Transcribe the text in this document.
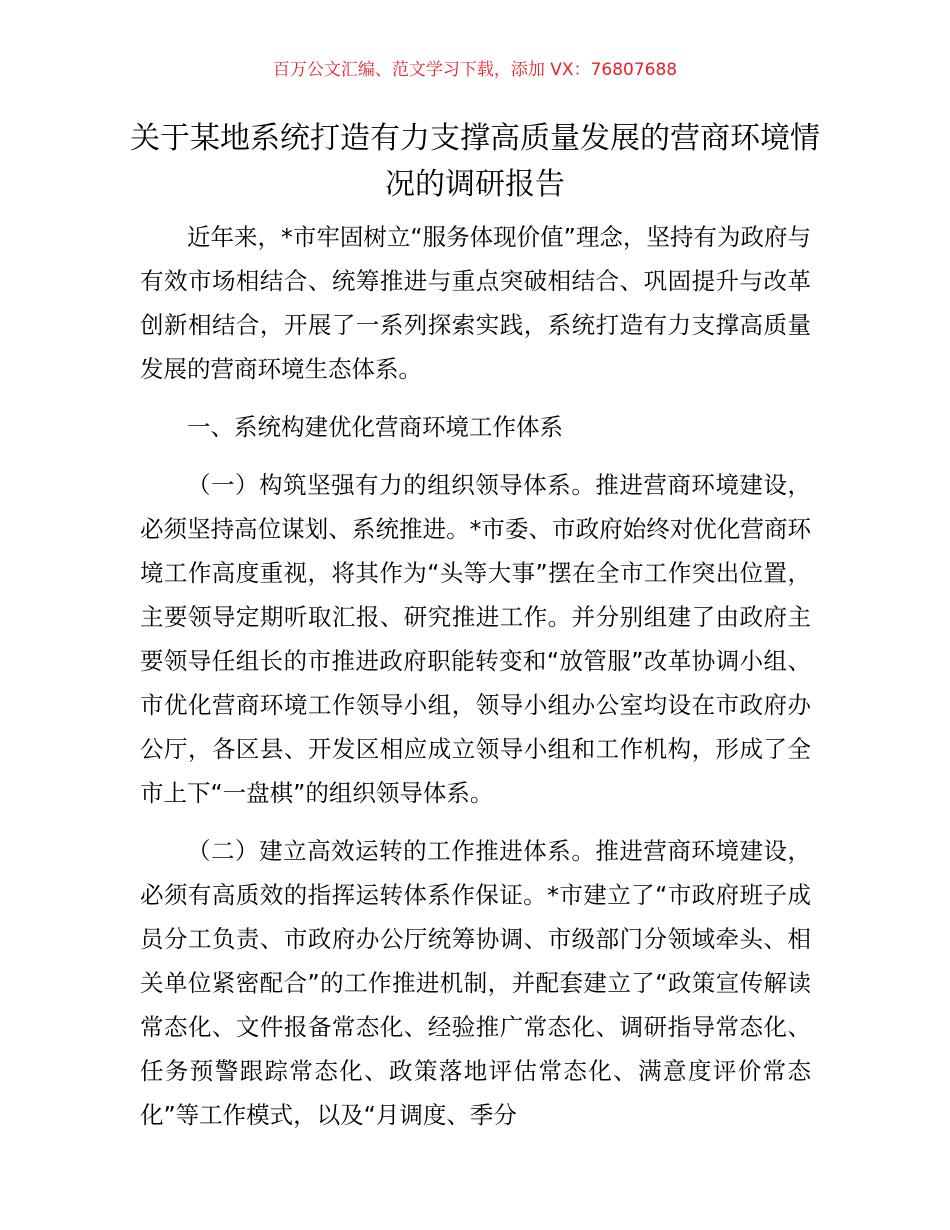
百万公文汇编、范文学习下载，添加 VX：76807688
关于某地系统打造有力支撑高质量发展的营商环境情况的调研报告

近年来，*市牢固树立“服务体现价值”理念，坚持有为政府与有效市场相结合、统筹推进与重点突破相结合、巩固提升与改革创新相结合，开展了一系列探索实践，系统打造有力支撑高质量发展的营商环境生态体系。

一、系统构建优化营商环境工作体系

（一）构筑坚强有力的组织领导体系。推进营商环境建设，必须坚持高位谋划、系统推进。*市委、市政府始终对优化营商环境工作高度重视，将其作为“头等大事”摆在全市工作突出位置，主要领导定期听取汇报、研究推进工作。并分别组建了由政府主要领导任组长的市推进政府职能转变和“放管服”改革协调小组、市优化营商环境工作领导小组，领导小组办公室均设在市政府办公厅，各区县、开发区相应成立领导小组和工作机构，形成了全市上下“一盘棋”的组织领导体系。

（二）建立高效运转的工作推进体系。推进营商环境建设，必须有高质效的指挥运转体系作保证。*市建立了“市政府班子成员分工负责、市政府办公厅统筹协调、市级部门分领域牵头、相关单位紧密配合”的工作推进机制，并配套建立了“政策宣传解读常态化、文件报备常态化、经验推广常态化、调研指导常态化、任务预警跟踪常态化、政策落地评估常态化、满意度评价常态化”等工作模式，以及“月调度、季分
